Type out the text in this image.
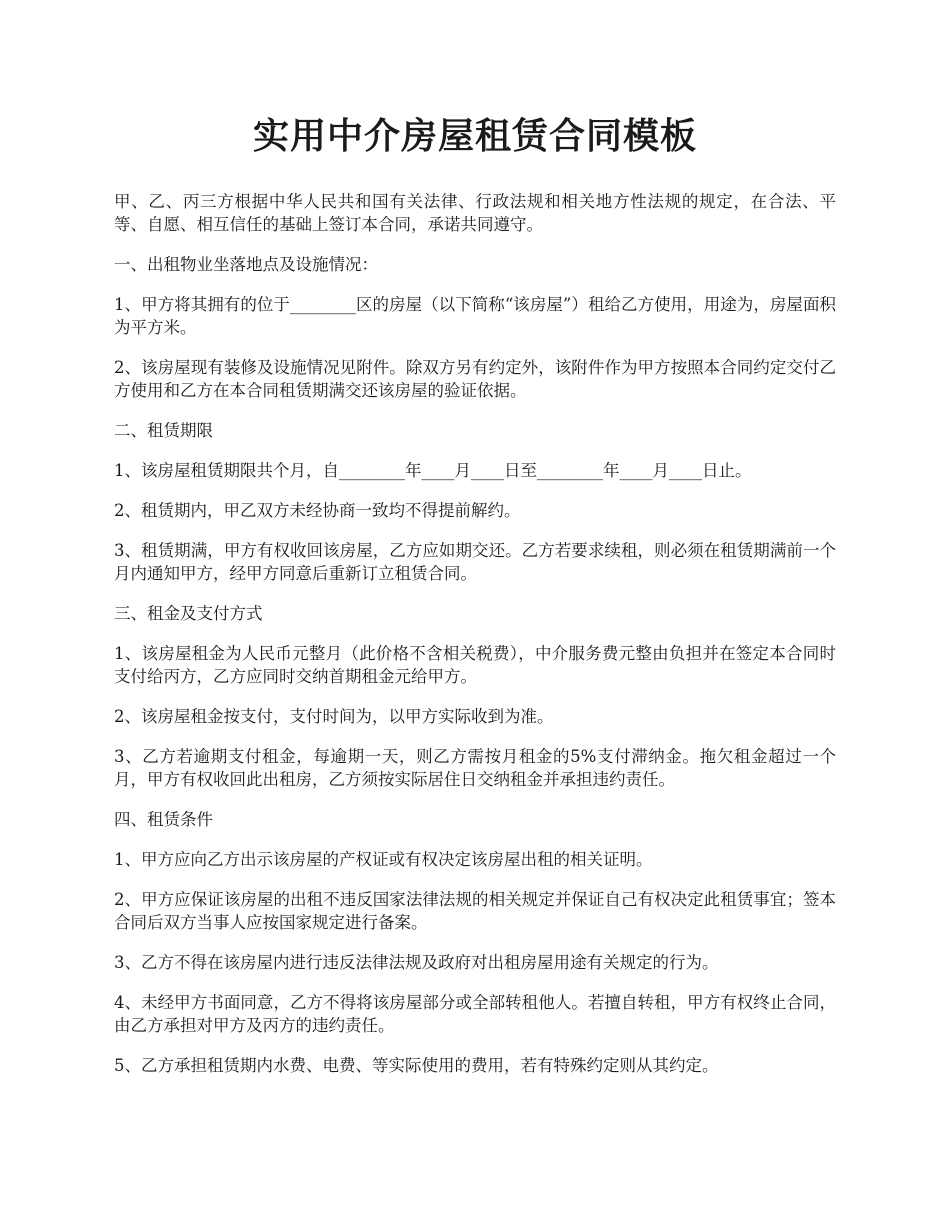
实用中介房屋租赁合同模板

甲、乙、丙三方根据中华人民共和国有关法律、行政法规和相关地方性法规的规定，在合法、平等、自愿、相互信任的基础上签订本合同，承诺共同遵守。

一、出租物业坐落地点及设施情况：

1、甲方将其拥有的位于________区的房屋（以下简称“该房屋”）租给乙方使用，用途为，房屋面积为平方米。

2、该房屋现有装修及设施情况见附件。除双方另有约定外，该附件作为甲方按照本合同约定交付乙方使用和乙方在本合同租赁期满交还该房屋的验证依据。

二、租赁期限

1、该房屋租赁期限共个月，自________年____月____日至________年____月____日止。

2、租赁期内，甲乙双方未经协商一致均不得提前解约。

3、租赁期满，甲方有权收回该房屋，乙方应如期交还。乙方若要求续租，则必须在租赁期满前一个月内通知甲方，经甲方同意后重新订立租赁合同。

三、租金及支付方式

1、该房屋租金为人民币元整月（此价格不含相关税费），中介服务费元整由负担并在签定本合同时支付给丙方，乙方应同时交纳首期租金元给甲方。

2、该房屋租金按支付，支付时间为，以甲方实际收到为准。

3、乙方若逾期支付租金，每逾期一天，则乙方需按月租金的5%支付滞纳金。拖欠租金超过一个月，甲方有权收回此出租房，乙方须按实际居住日交纳租金并承担违约责任。

四、租赁条件

1、甲方应向乙方出示该房屋的产权证或有权决定该房屋出租的相关证明。

2、甲方应保证该房屋的出租不违反国家法律法规的相关规定并保证自己有权决定此租赁事宜；签本合同后双方当事人应按国家规定进行备案。

3、乙方不得在该房屋内进行违反法律法规及政府对出租房屋用途有关规定的行为。

4、未经甲方书面同意，乙方不得将该房屋部分或全部转租他人。若擅自转租，甲方有权终止合同，由乙方承担对甲方及丙方的违约责任。

5、乙方承担租赁期内水费、电费、等实际使用的费用，若有特殊约定则从其约定。
